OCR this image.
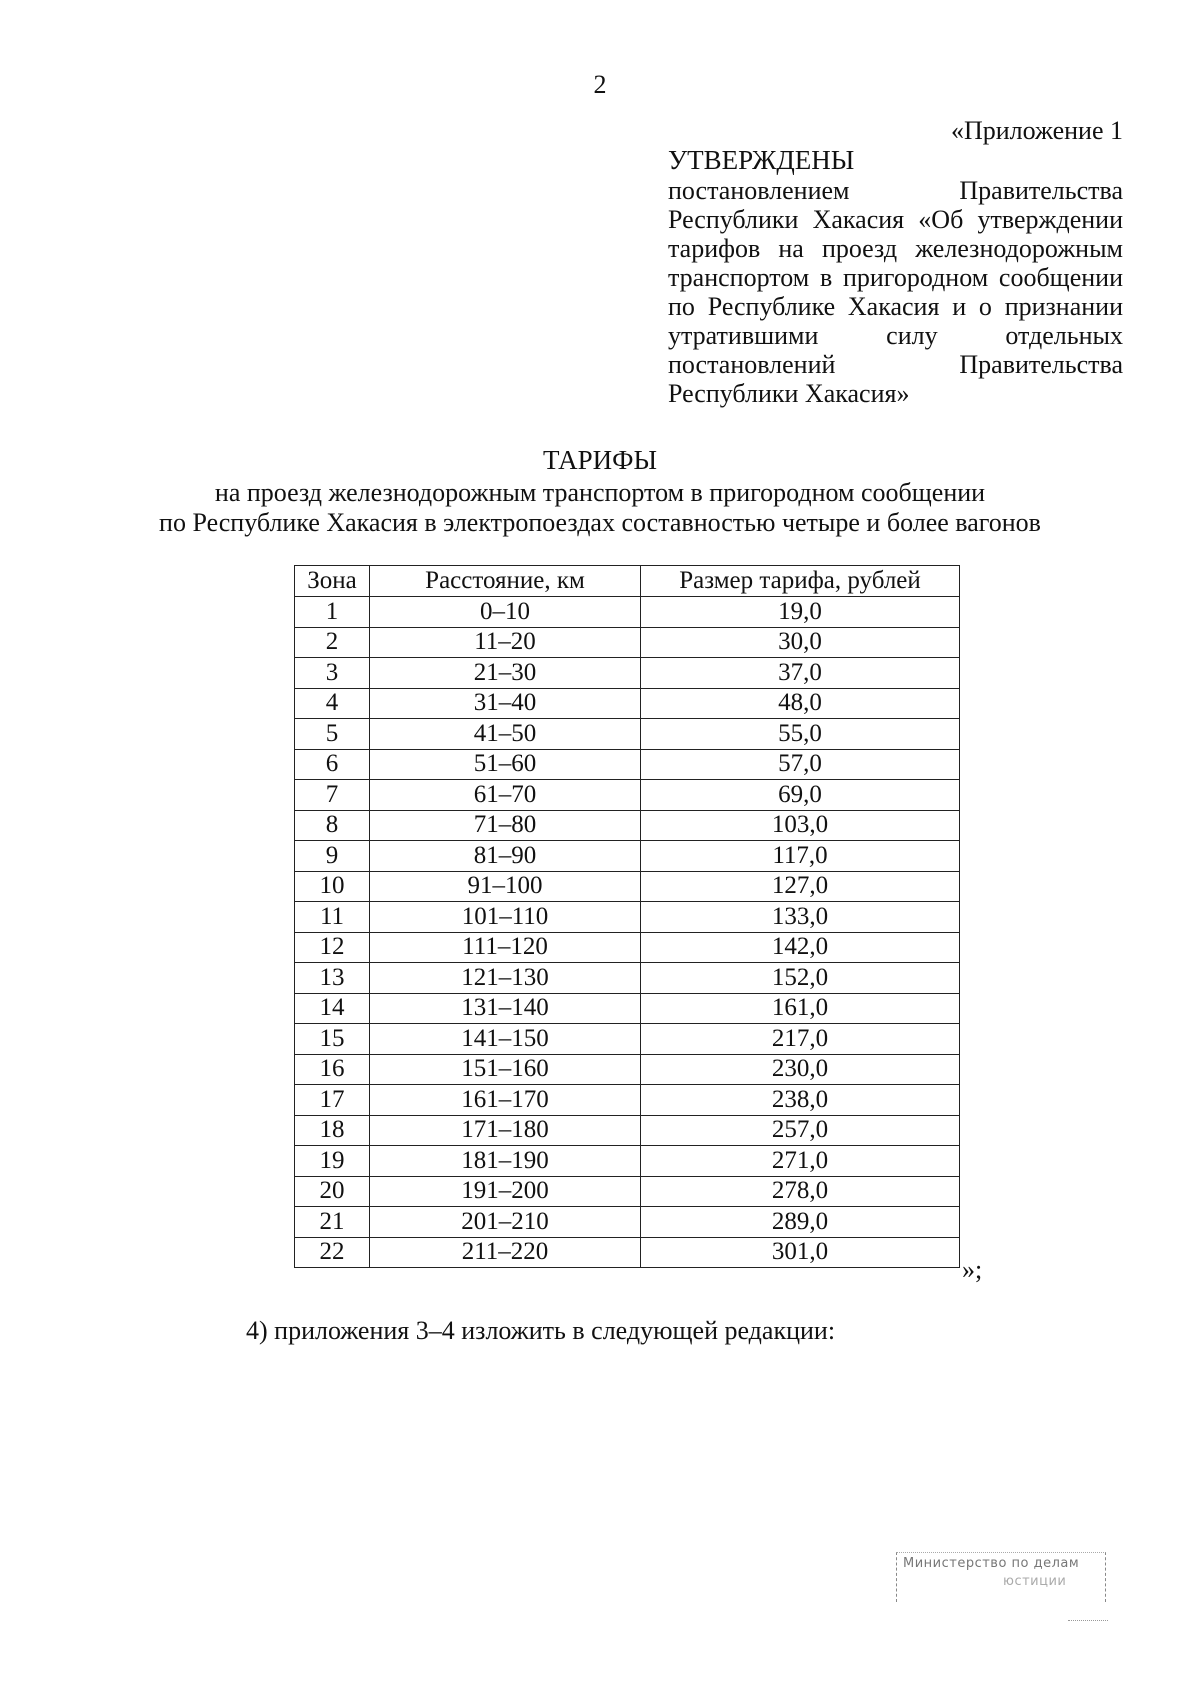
2
«Приложение 1
УТВЕРЖДЕНЫ
постановлением Правительства
Республики Хакасия «Об утверждении
тарифов на проезд железнодорожным
транспортом в пригородном сообщении
по Республике Хакасия и о признании
утратившими силу отдельных
постановлений Правительства
Республики Хакасия»
ТАРИФЫ
на проезд железнодорожным транспортом в пригородном сообщении
по Республике Хакасия в электропоездах составностью четыре и более вагонов
Зона	Расстояние, км	Размер тарифа, рублей
1	0–10	19,0
2	11–20	30,0
3	21–30	37,0
4	31–40	48,0
5	41–50	55,0
6	51–60	57,0
7	61–70	69,0
8	71–80	103,0
9	81–90	117,0
10	91–100	127,0
11	101–110	133,0
12	111–120	142,0
13	121–130	152,0
14	131–140	161,0
15	141–150	217,0
16	151–160	230,0
17	161–170	238,0
18	171–180	257,0
19	181–190	271,0
20	191–200	278,0
21	201–210	289,0
22	211–220	301,0
»;
4) приложения 3–4 изложить в следующей редакции:
Министерство по делам
юстиции
